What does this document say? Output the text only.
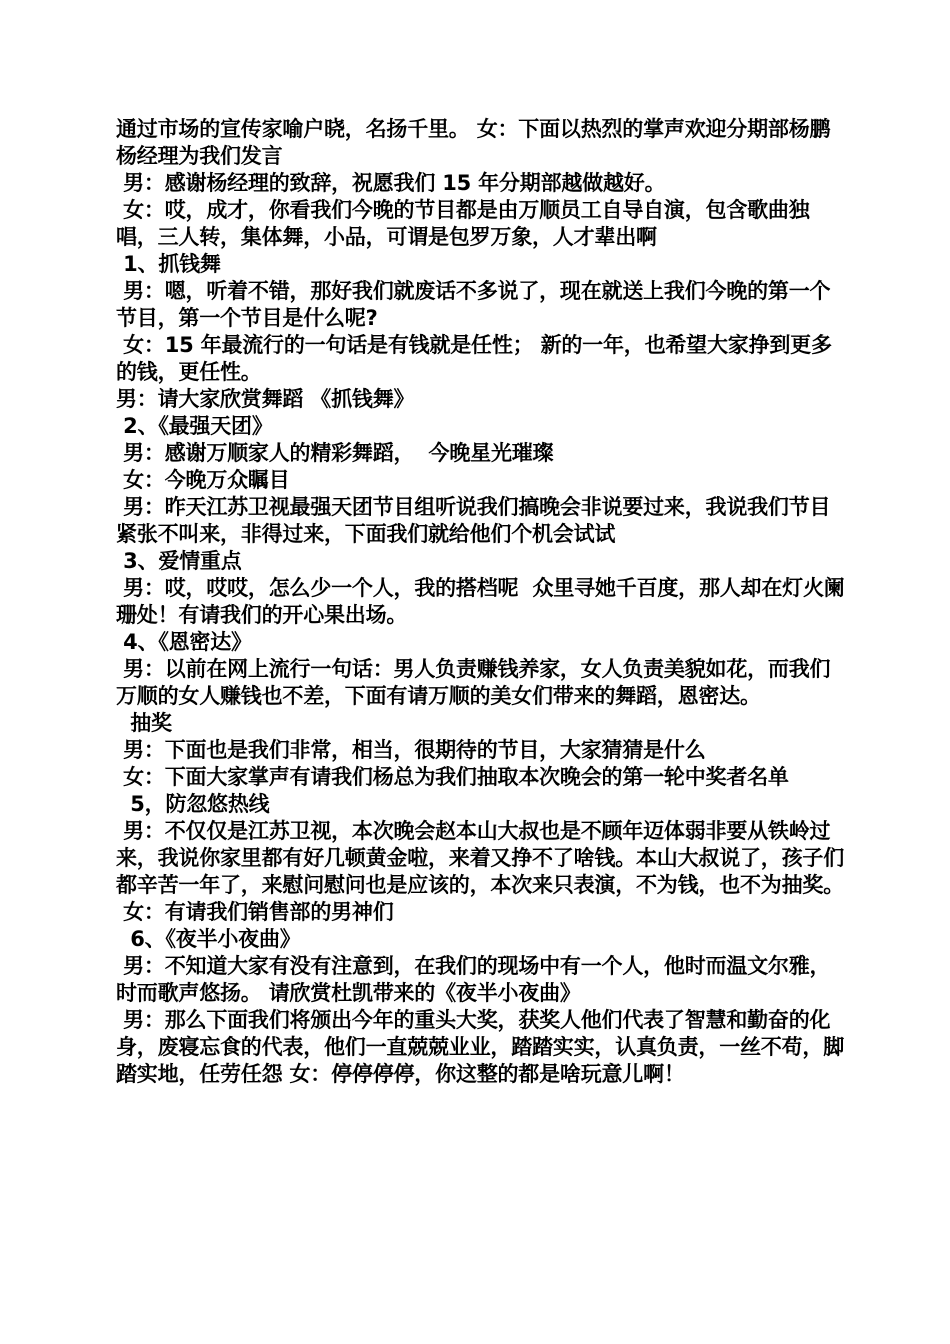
通过市场的宣传家喻户晓，名扬千里。 女：下面以热烈的掌声欢迎分期部杨鹏杨经理为我们发言

男：感谢杨经理的致辞，祝愿我们 15 年分期部越做越好。

女：哎，成才，你看我们今晚的节目都是由万顺员工自导自演，包含歌曲独唱，三人转，集体舞，小品，可谓是包罗万象，人才辈出啊

1、抓钱舞

男：嗯，听着不错，那好我们就废话不多说了，现在就送上我们今晚的第一个节目，第一个节目是什么呢?

女：15 年最流行的一句话是有钱就是任性； 新的一年，也希望大家挣到更多的钱，更任性。

男：请大家欣赏舞蹈 《抓钱舞》

2、《最强天团》

男：感谢万顺家人的精彩舞蹈，  今晚星光璀璨

女：今晚万众瞩目

男：昨天江苏卫视最强天团节目组听说我们搞晚会非说要过来，我说我们节目紧张不叫来，非得过来，下面我们就给他们个机会试试

3、爱情重点

男：哎，哎哎，怎么少一个人，我的搭档呢  众里寻她千百度，那人却在灯火阑珊处！有请我们的开心果出场。

4、《恩密达》

男：以前在网上流行一句话：男人负责赚钱养家，女人负责美貌如花，而我们万顺的女人赚钱也不差，下面有请万顺的美女们带来的舞蹈，恩密达。

抽奖

男：下面也是我们非常，相当，很期待的节目，大家猜猜是什么

女：下面大家掌声有请我们杨总为我们抽取本次晚会的第一轮中奖者名单

5，防忽悠热线

男：不仅仅是江苏卫视，本次晚会赵本山大叔也是不顾年迈体弱非要从铁岭过来，我说你家里都有好几顿黄金啦，来着又挣不了啥钱。本山大叔说了，孩子们都辛苦一年了，来慰问慰问也是应该的，本次来只表演，不为钱，也不为抽奖。

女：有请我们销售部的男神们

6、《夜半小夜曲》

男：不知道大家有没有注意到，在我们的现场中有一个人，他时而温文尔雅，时而歌声悠扬。 请欣赏杜凯带来的《夜半小夜曲》

男：那么下面我们将颁出今年的重头大奖，获奖人他们代表了智慧和勤奋的化身，废寝忘食的代表，他们一直兢兢业业，踏踏实实，认真负责，一丝不苟，脚踏实地，任劳任怨 女：停停停停，你这整的都是啥玩意儿啊！
